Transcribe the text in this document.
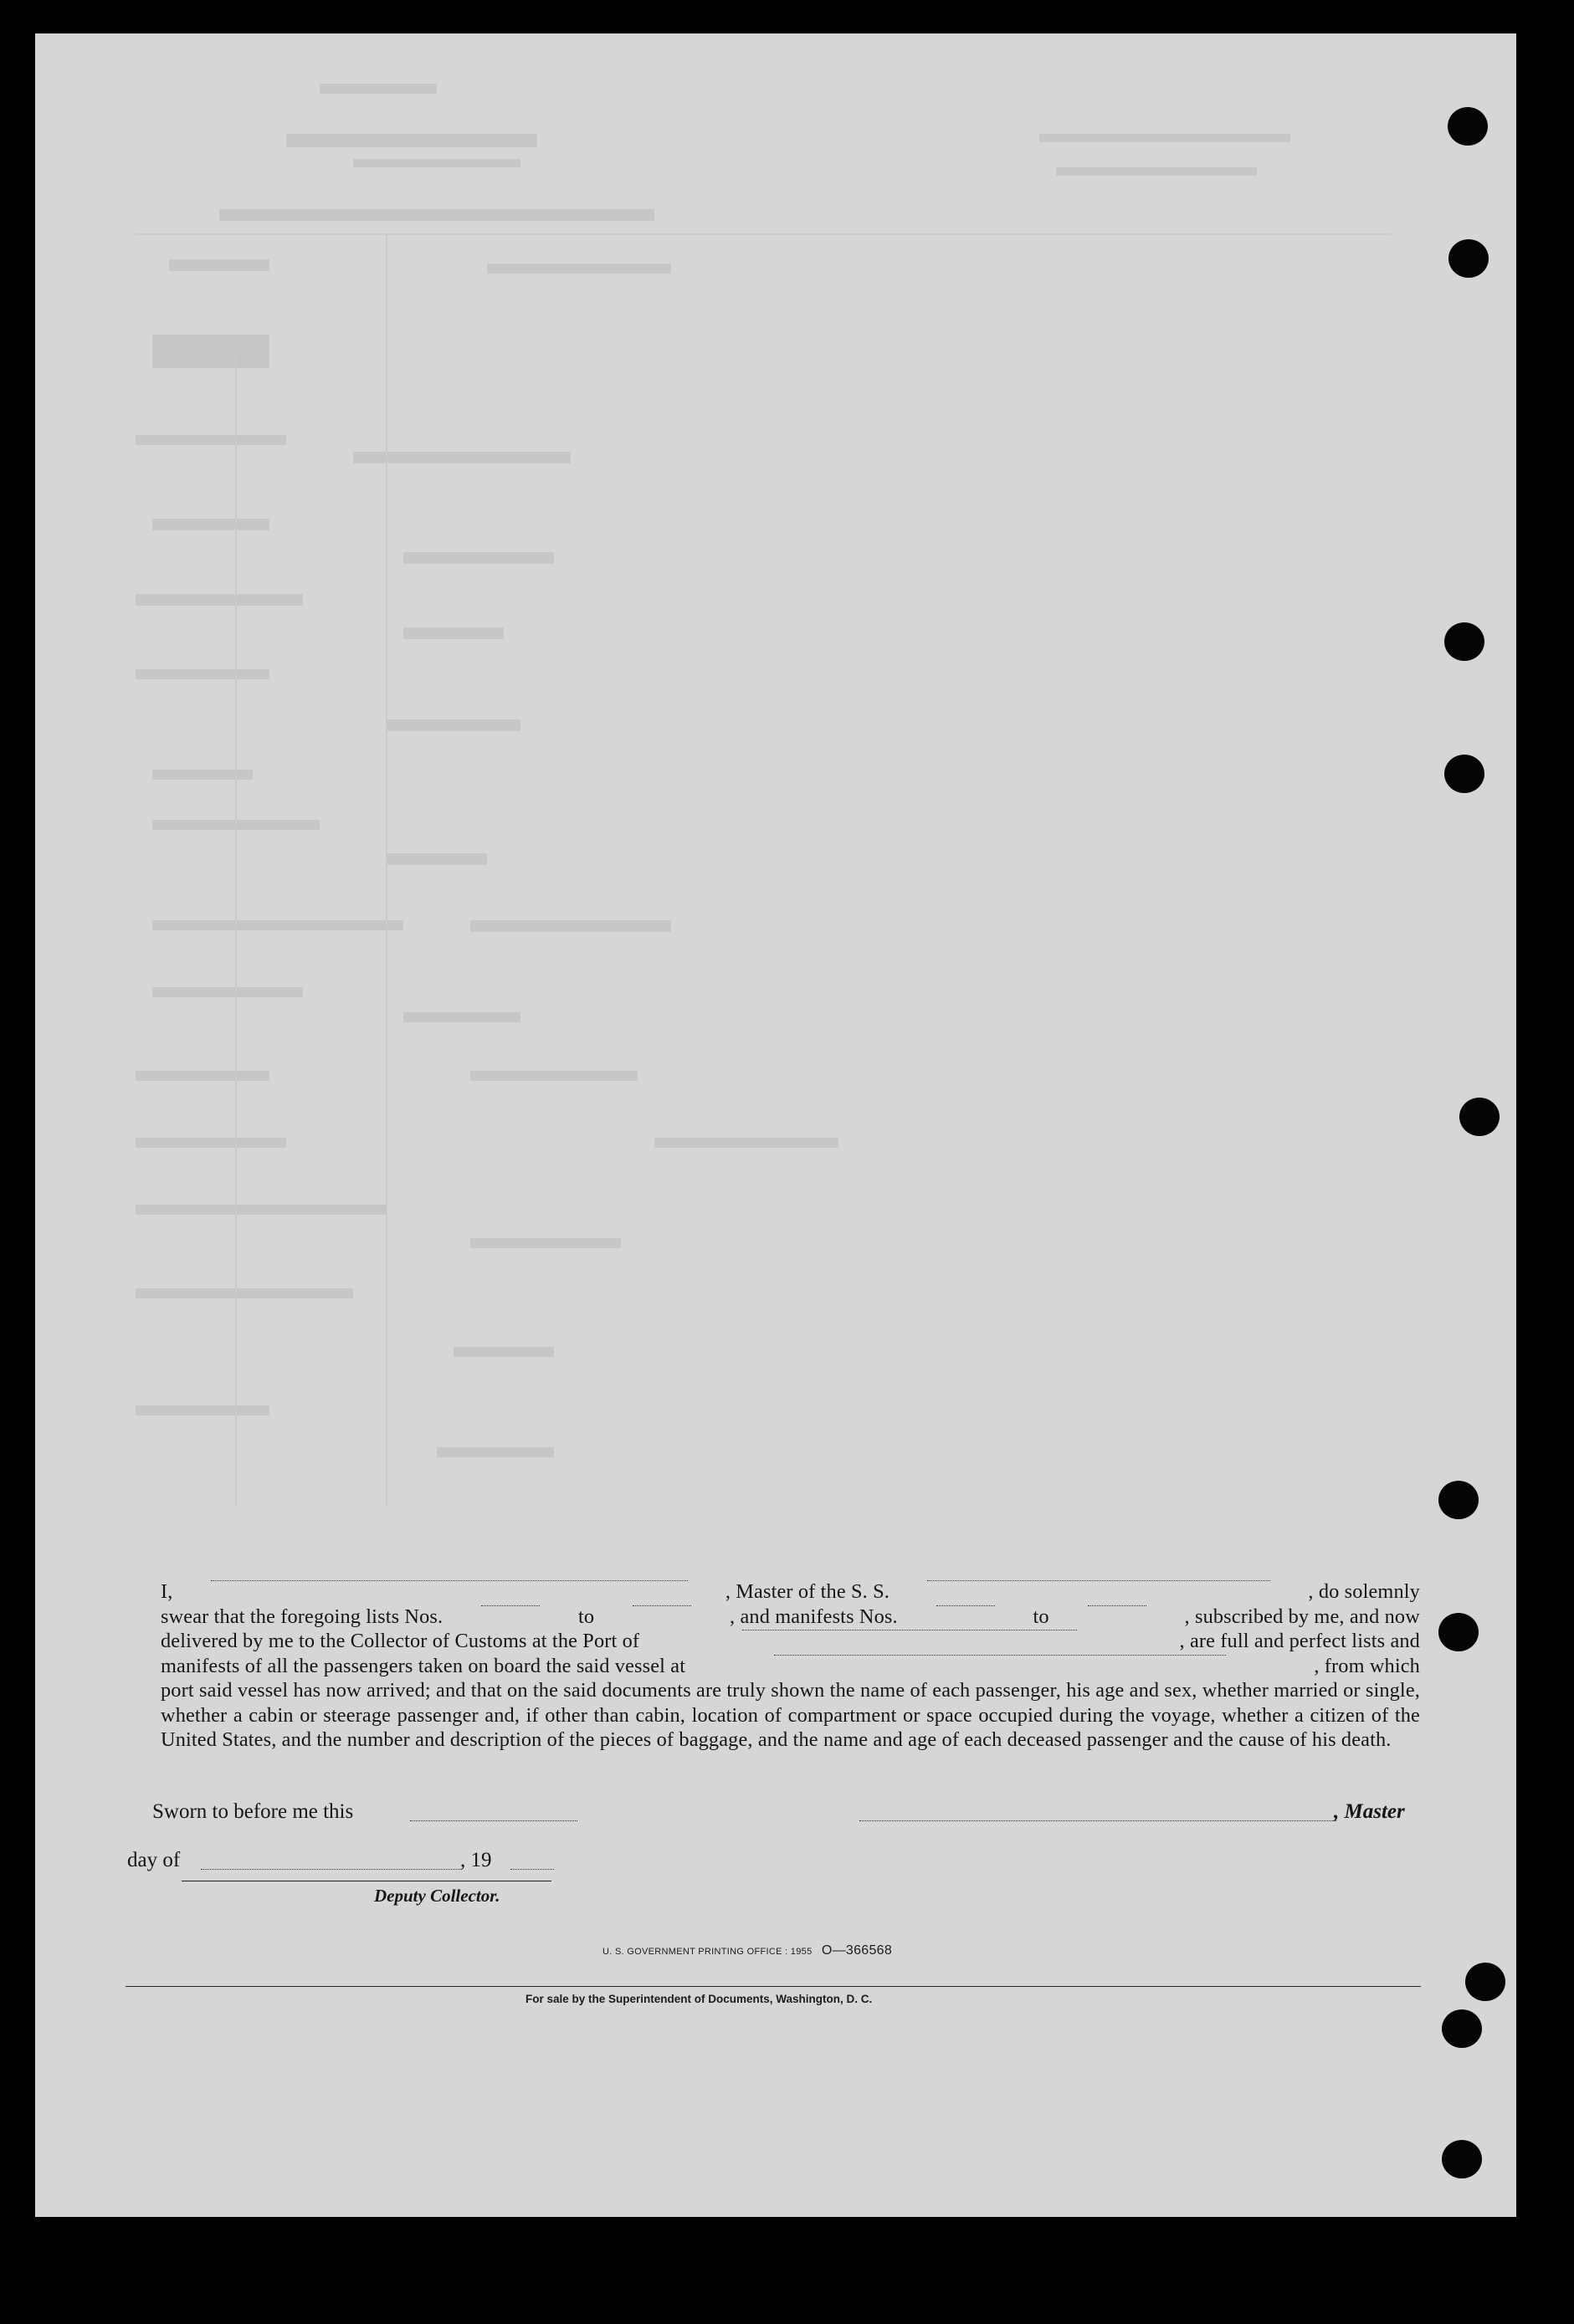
I,	, Master of the S. S.	, do solemnly
swear that the foregoing lists Nos.	to	, and manifests Nos.	to	, subscribed by me, and now
delivered by me to the Collector of Customs at the Port of	, are full and perfect lists and
manifests of all the passengers taken on board the said vessel at	, from which
port said vessel has now arrived; and that on the said documents are truly shown the name of each passenger, his age and sex, whether married or single, whether a cabin or steerage passenger and, if other than cabin, location of compartment or space occupied during the voyage, whether a citizen of the United States, and the number and description of the pieces of baggage, and the name and age of each deceased passenger and the cause of his death.
Sworn to before me this	, Master
day of	, 19
Deputy Collector.
U. S. GOVERNMENT PRINTING OFFICE : 1955 O—366568
For sale by the Superintendent of Documents, Washington, D. C.
